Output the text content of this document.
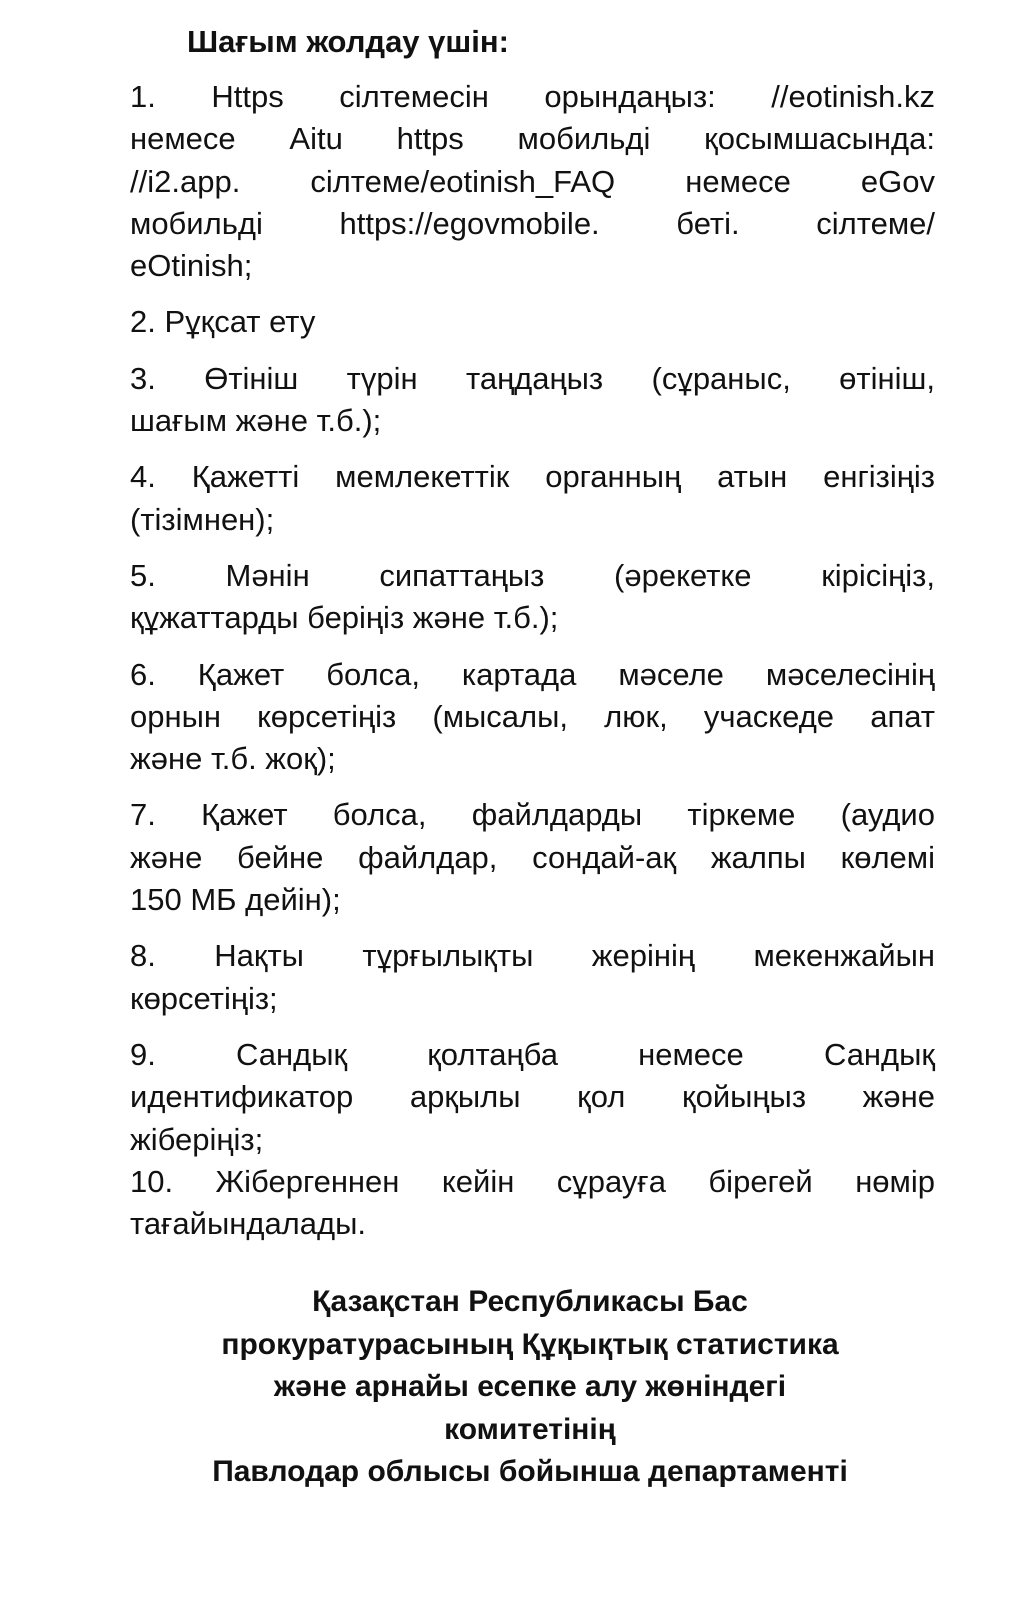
Шағым жолдау үшін:
1. Https сілтемесін орындаңыз: //eotinish.kz
немесе Aitu https мобильді қосымшасында:
//i2.app. сілтеме/eotinish_FAQ немесе eGov
мобильді https://egovmobile. беті. сілтеме/
eOtinish;
2. Рұқсат ету
3. Өтініш түрін таңдаңыз (сұраныс, өтініш,
шағым және т.б.);
4. Қажетті мемлекеттік органның атын енгізіңіз
(тізімнен);
5. Мәнін сипаттаңыз (әрекетке кірісіңіз,
құжаттарды беріңіз және т.б.);
6. Қажет болса, картада мәселе мәселесінің
орнын көрсетіңіз (мысалы, люк, учаскеде апат
және т.б. жоқ);
7. Қажет болса, файлдарды тіркеме (аудио
және бейне файлдар, сондай-ақ жалпы көлемі
150 МБ дейін);
8. Нақты тұрғылықты жерінің мекенжайын
көрсетіңіз;
9. Сандық қолтаңба немесе Сандық
идентификатор арқылы қол қойыңыз және
жіберіңіз;
10. Жібергеннен кейін сұрауға бірегей нөмір
тағайындалады.
Қазақстан Республикасы Бас
прокуратурасының Құқықтық статистика
және арнайы есепке алу жөніндегі
комитетінің
Павлодар облысы бойынша департаменті
